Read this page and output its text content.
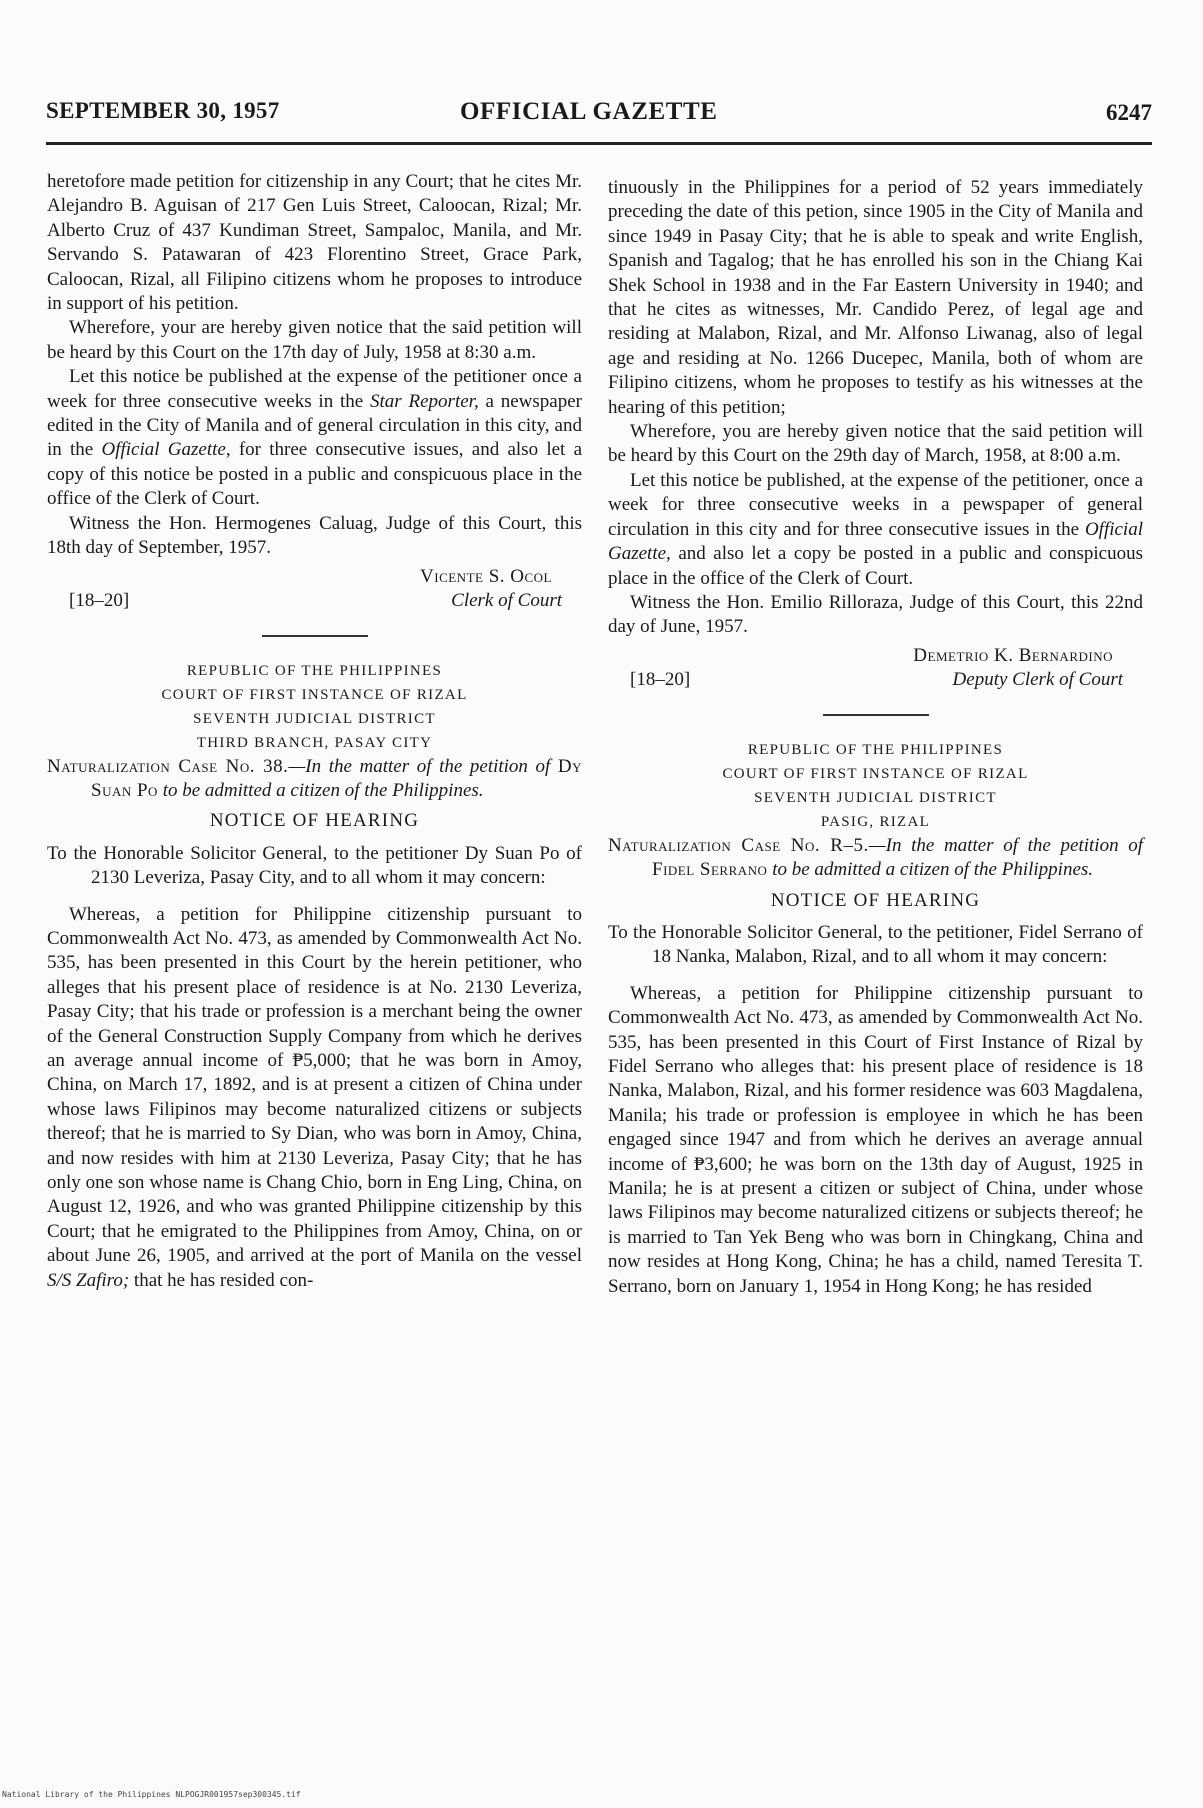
SEPTEMBER 30, 1957	OFFICIAL GAZETTE	6247

heretofore made petition for citizenship in any Court; that he cites Mr. Alejandro B. Aguisan of 217 Gen Luis Street, Caloocan, Rizal; Mr. Alberto Cruz of 437 Kundiman Street, Sampaloc, Manila, and Mr. Servando S. Patawaran of 423 Florentino Street, Grace Park, Caloocan, Rizal, all Filipino citizens whom he proposes to introduce in support of his petition.

Wherefore, your are hereby given notice that the said petition will be heard by this Court on the 17th day of July, 1958 at 8:30 a.m.

Let this notice be published at the expense of the petitioner once a week for three consecutive weeks in the Star Reporter, a newspaper edited in the City of Manila and of general circulation in this city, and in the Official Gazette, for three consecutive issues, and also let a copy of this notice be posted in a public and conspicuous place in the office of the Clerk of Court.

Witness the Hon. Hermogenes Caluag, Judge of this Court, this 18th day of September, 1957.

Vicente S. Ocol
[18–20]	Clerk of Court
REPUBLIC OF THE PHILIPPINES
COURT OF FIRST INSTANCE OF RIZAL
SEVENTH JUDICIAL DISTRICT
THIRD BRANCH, PASAY CITY

Naturalization Case No. 38.—In the matter of the petition of Dy Suan Po to be admitted a citizen of the Philippines.

NOTICE OF HEARING

To the Honorable Solicitor General, to the petitioner Dy Suan Po of 2130 Leveriza, Pasay City, and to all whom it may concern:

Whereas, a petition for Philippine citizenship pursuant to Commonwealth Act No. 473, as amended by Commonwealth Act No. 535, has been presented in this Court by the herein petitioner, who alleges that his present place of residence is at No. 2130 Leveriza, Pasay City; that his trade or profession is a merchant being the owner of the General Construction Supply Company from which he derives an average annual income of ₱5,000; that he was born in Amoy, China, on March 17, 1892, and is at present a citizen of China under whose laws Filipinos may become naturalized citizens or subjects thereof; that he is married to Sy Dian, who was born in Amoy, China, and now resides with him at 2130 Leveriza, Pasay City; that he has only one son whose name is Chang Chio, born in Eng Ling, China, on August 12, 1926, and who was granted Philippine citizenship by this Court; that he emigrated to the Philippines from Amoy, China, on or about June 26, 1905, and arrived at the port of Manila on the vessel S/S Zafiro; that he has resided con-

tinuously in the Philippines for a period of 52 years immediately preceding the date of this petion, since 1905 in the City of Manila and since 1949 in Pasay City; that he is able to speak and write English, Spanish and Tagalog; that he has enrolled his son in the Chiang Kai Shek School in 1938 and in the Far Eastern University in 1940; and that he cites as witnesses, Mr. Candido Perez, of legal age and residing at Malabon, Rizal, and Mr. Alfonso Liwanag, also of legal age and residing at No. 1266 Ducepec, Manila, both of whom are Filipino citizens, whom he proposes to testify as his witnesses at the hearing of this petition;

Wherefore, you are hereby given notice that the said petition will be heard by this Court on the 29th day of March, 1958, at 8:00 a.m.

Let this notice be published, at the expense of the petitioner, once a week for three consecutive weeks in a pewspaper of general circulation in this city and for three consecutive issues in the Official Gazette, and also let a copy be posted in a public and conspicuous place in the office of the Clerk of Court.

Witness the Hon. Emilio Rilloraza, Judge of this Court, this 22nd day of June, 1957.

Demetrio K. Bernardino
[18–20]	Deputy Clerk of Court
REPUBLIC OF THE PHILIPPINES
COURT OF FIRST INSTANCE OF RIZAL
SEVENTH JUDICIAL DISTRICT
PASIG, RIZAL

Naturalization Case No. R–5.—In the matter of the petition of Fidel Serrano to be admitted a citizen of the Philippines.

NOTICE OF HEARING

To the Honorable Solicitor General, to the petitioner, Fidel Serrano of 18 Nanka, Malabon, Rizal, and to all whom it may concern:

Whereas, a petition for Philippine citizenship pursuant to Commonwealth Act No. 473, as amended by Commonwealth Act No. 535, has been presented in this Court of First Instance of Rizal by Fidel Serrano who alleges that: his present place of residence is 18 Nanka, Malabon, Rizal, and his former residence was 603 Magdalena, Manila; his trade or profession is employee in which he has been engaged since 1947 and from which he derives an average annual income of ₱3,600; he was born on the 13th day of August, 1925 in Manila; he is at present a citizen or subject of China, under whose laws Filipinos may become naturalized citizens or subjects thereof; he is married to Tan Yek Beng who was born in Chingkang, China and now resides at Hong Kong, China; he has a child, named Teresita T. Serrano, born on January 1, 1954 in Hong Kong; he has resided

National Library of the Philippines NLPOGJR001957sep300345.tif
